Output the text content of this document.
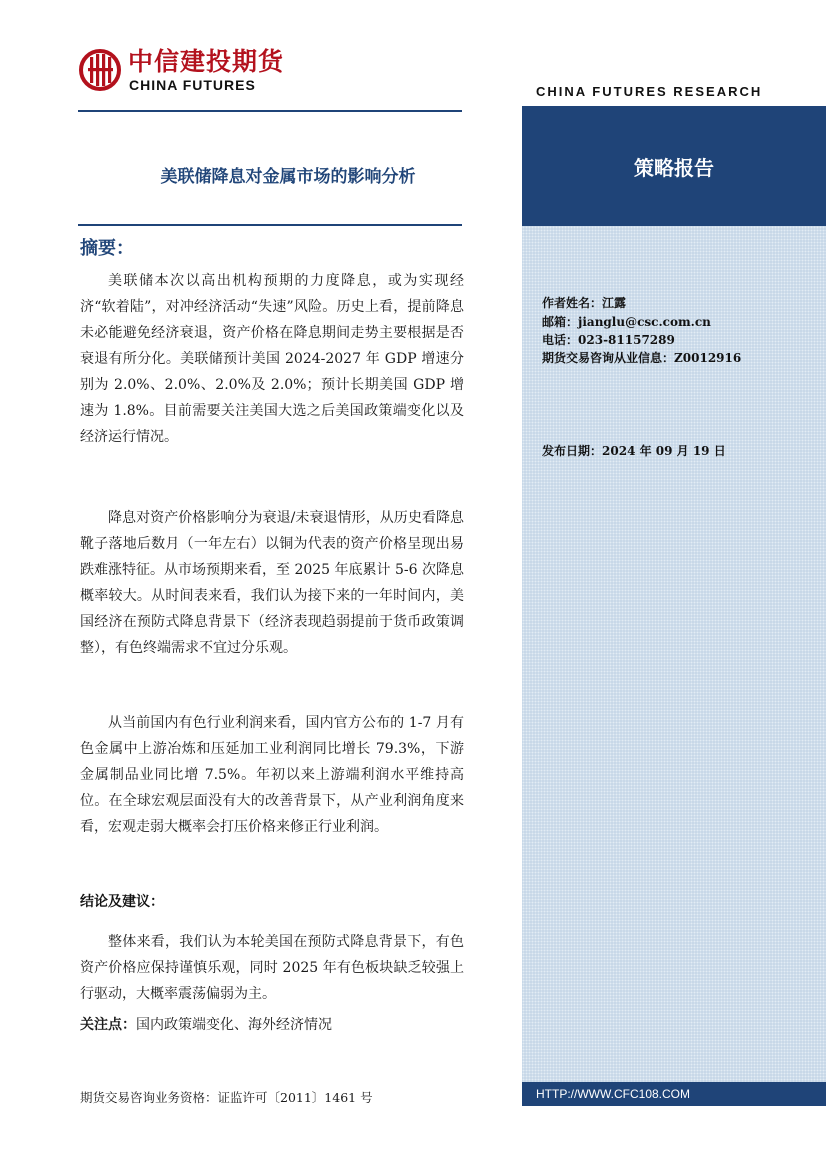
中信建投期货
CHINA FUTURES	CHINA FUTURES RESEARCH
美联储降息对金属市场的影响分析	策略报告
作者姓名：江露
邮箱：jianglu@csc.com.cn
电话：023-81157289
期货交易咨询从业信息：Z0012916
发布日期：2024 年 09 月 19 日
HTTP://WWW.CFC108.COM
摘要：
美联储本次以高出机构预期的力度降息，或为实现经济“软着陆”，对冲经济活动“失速”风险。历史上看，提前降息未必能避免经济衰退，资产价格在降息期间走势主要根据是否衰退有所分化。美联储预计美国 2024-2027 年 GDP 增速分别为 2.0%、2.0%、2.0%及 2.0%；预计长期美国 GDP 增速为 1.8%。目前需要关注美国大选之后美国政策端变化以及经济运行情况。
降息对资产价格影响分为衰退/未衰退情形，从历史看降息靴子落地后数月（一年左右）以铜为代表的资产价格呈现出易跌难涨特征。从市场预期来看，至 2025 年底累计 5-6 次降息概率较大。从时间表来看，我们认为接下来的一年时间内，美国经济在预防式降息背景下（经济表现趋弱提前于货币政策调整），有色终端需求不宜过分乐观。
从当前国内有色行业利润来看，国内官方公布的 1-7 月有色金属中上游冶炼和压延加工业利润同比增长 79.3%，下游金属制品业同比增 7.5%。年初以来上游端利润水平维持高位。在全球宏观层面没有大的改善背景下，从产业利润角度来看，宏观走弱大概率会打压价格来修正行业利润。
结论及建议：
整体来看，我们认为本轮美国在预防式降息背景下，有色资产价格应保持谨慎乐观，同时 2025 年有色板块缺乏较强上行驱动，大概率震荡偏弱为主。
关注点：国内政策端变化、海外经济情况
期货交易咨询业务资格：证监许可〔2011〕1461 号
